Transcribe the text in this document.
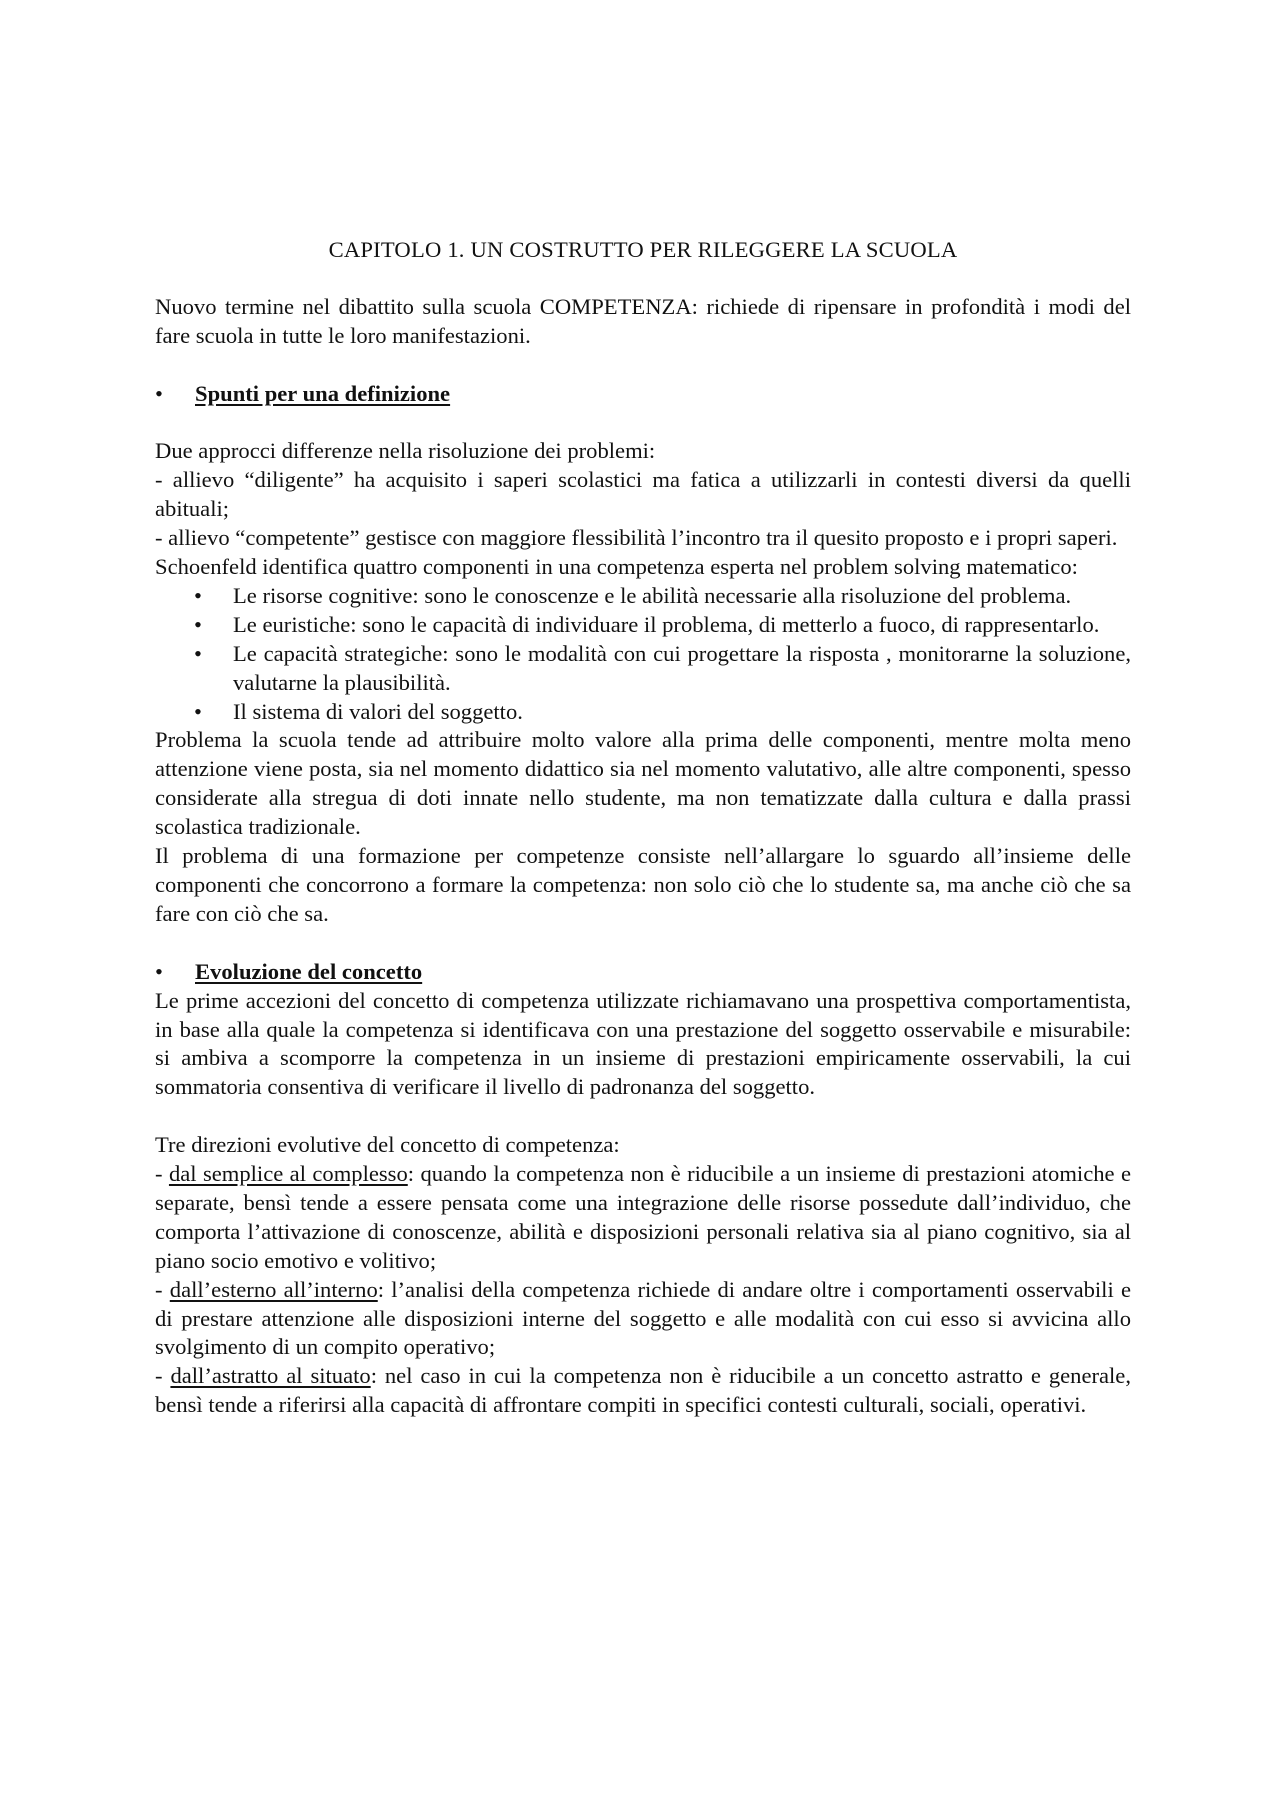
CAPITOLO 1. UN COSTRUTTO PER RILEGGERE LA SCUOLA

Nuovo termine nel dibattito sulla scuola COMPETENZA: richiede di ripensare in profondità i modi del fare scuola in tutte le loro manifestazioni.

•	Spunti per una definizione

Due approcci differenze nella risoluzione dei problemi:

- allievo “diligente” ha acquisito i saperi scolastici ma fatica a utilizzarli in contesti diversi da quelli abituali;

- allievo “competente” gestisce con maggiore flessibilità l’incontro tra il quesito proposto e i propri saperi.

Schoenfeld identifica quattro componenti in una competenza esperta nel problem solving matematico:

• Le risorse cognitive: sono le conoscenze e le abilità necessarie alla risoluzione del problema.
• Le euristiche: sono le capacità di individuare il problema, di metterlo a fuoco, di rappresentarlo.
• Le capacità strategiche: sono le modalità con cui progettare la risposta , monitorarne la soluzione, valutarne la plausibilità.
• Il sistema di valori del soggetto.

Problema la scuola tende ad attribuire molto valore alla prima delle componenti, mentre molta meno attenzione viene posta, sia nel momento didattico sia nel momento valutativo, alle altre componenti, spesso considerate alla stregua di doti innate nello studente, ma non tematizzate dalla cultura e dalla prassi scolastica tradizionale.

Il problema di una formazione per competenze consiste nell’allargare lo sguardo all’insieme delle componenti che concorrono a formare la competenza: non solo ciò che lo studente sa, ma anche ciò che sa fare con ciò che sa.

•	Evoluzione del concetto

Le prime accezioni del concetto di competenza utilizzate richiamavano una prospettiva comportamentista, in base alla quale la competenza si identificava con una prestazione del soggetto osservabile e misurabile: si ambiva a scomporre la competenza in un insieme di prestazioni empiricamente osservabili, la cui sommatoria consentiva di verificare il livello di padronanza del soggetto.

Tre direzioni evolutive del concetto di competenza:

- dal semplice al complesso: quando la competenza non è riducibile a un insieme di prestazioni atomiche e separate, bensì tende a essere pensata come una integrazione delle risorse possedute dall’individuo, che comporta l’attivazione di conoscenze, abilità e disposizioni personali relativa sia al piano cognitivo, sia al piano socio emotivo e volitivo;

- dall’esterno all’interno: l’analisi della competenza richiede di andare oltre i comportamenti osservabili e di prestare attenzione alle disposizioni interne del soggetto e alle modalità con cui esso si avvicina allo svolgimento di un compito operativo;

- dall’astratto al situato: nel caso in cui la competenza non è riducibile a un concetto astratto e generale, bensì tende a riferirsi alla capacità di affrontare compiti in specifici contesti culturali, sociali, operativi.
